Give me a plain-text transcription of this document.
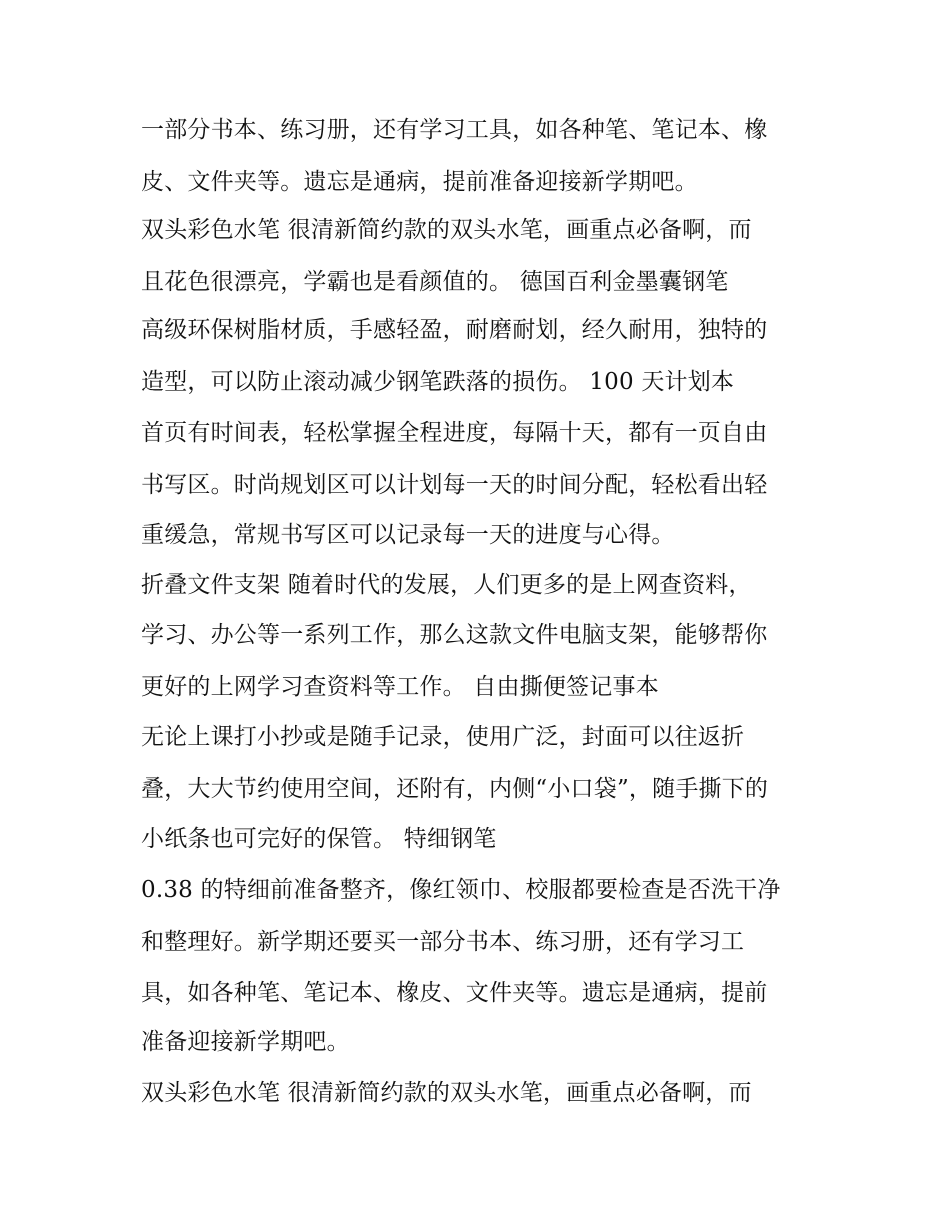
一部分书本、练习册，还有学习工具，如各种笔、笔记本、橡
皮、文件夹等。遗忘是通病，提前准备迎接新学期吧。
双头彩色水笔 很清新简约款的双头水笔，画重点必备啊，而
且花色很漂亮，学霸也是看颜值的。 德国百利金墨囊钢笔
高级环保树脂材质，手感轻盈，耐磨耐划，经久耐用，独特的
造型，可以防止滚动减少钢笔跌落的损伤。 100 天计划本
首页有时间表，轻松掌握全程进度，每隔十天，都有一页自由
书写区。时尚规划区可以计划每一天的时间分配，轻松看出轻
重缓急，常规书写区可以记录每一天的进度与心得。
折叠文件支架 随着时代的发展，人们更多的是上网查资料，
学习、办公等一系列工作，那么这款文件电脑支架，能够帮你
更好的上网学习查资料等工作。 自由撕便签记事本
无论上课打小抄或是随手记录，使用广泛，封面可以往返折
叠，大大节约使用空间，还附有，内侧“小口袋”，随手撕下的
小纸条也可完好的保管。 特细钢笔
0.38 的特细前准备整齐，像红领巾、校服都要检查是否洗干净
和整理好。新学期还要买一部分书本、练习册，还有学习工
具，如各种笔、笔记本、橡皮、文件夹等。遗忘是通病，提前
准备迎接新学期吧。
双头彩色水笔 很清新简约款的双头水笔，画重点必备啊，而
